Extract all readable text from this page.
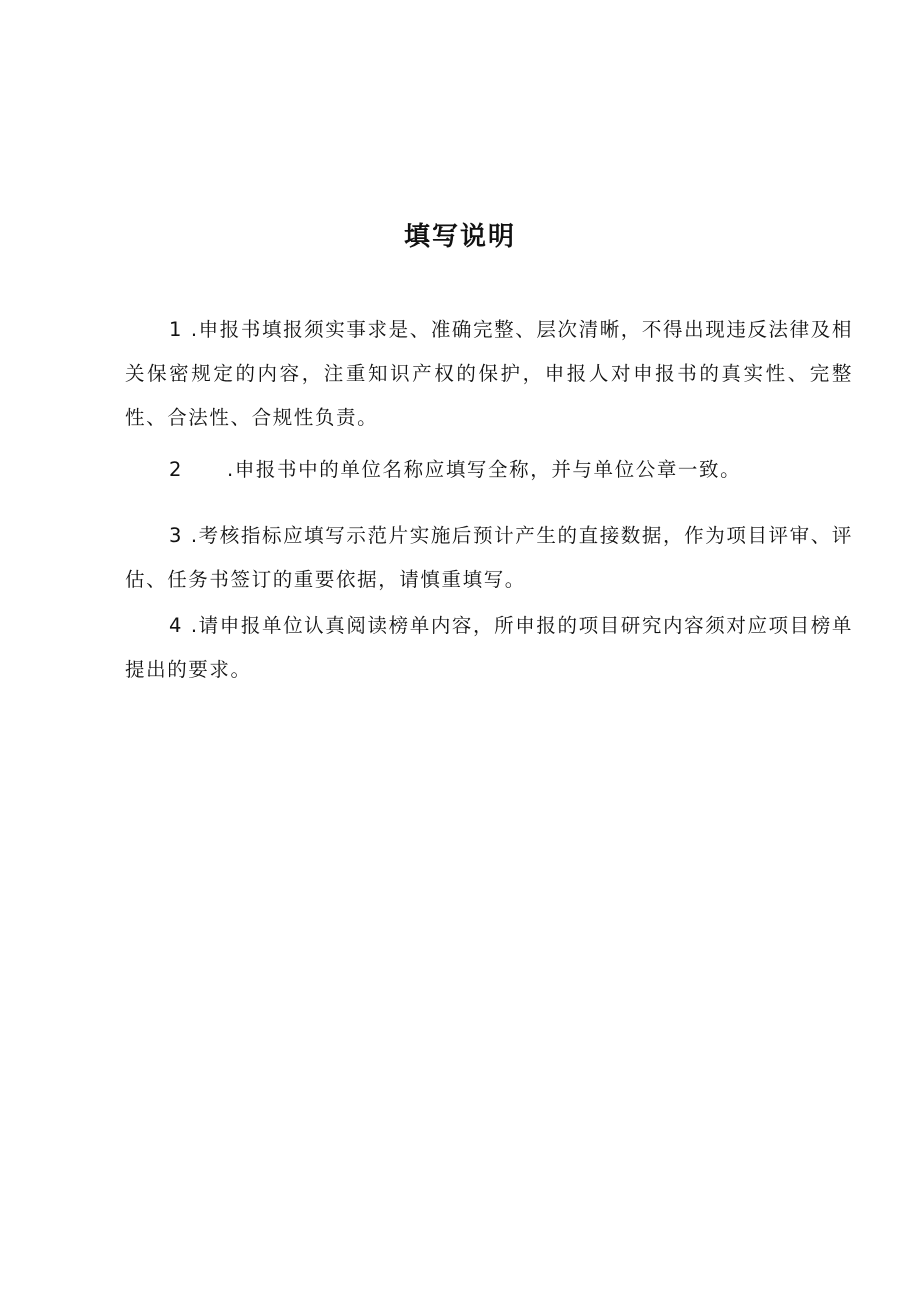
填写说明

1 .申报书填报须实事求是、准确完整、层次清晰，不得出现违反法律及相关保密规定的内容，注重知识产权的保护，申报人对申报书的真实性、完整性、合法性、合规性负责。

2 .申报书中的单位名称应填写全称，并与单位公章一致。

3 .考核指标应填写示范片实施后预计产生的直接数据，作为项目评审、评估、任务书签订的重要依据，请慎重填写。

4 .请申报单位认真阅读榜单内容，所申报的项目研究内容须对应项目榜单提出的要求。
